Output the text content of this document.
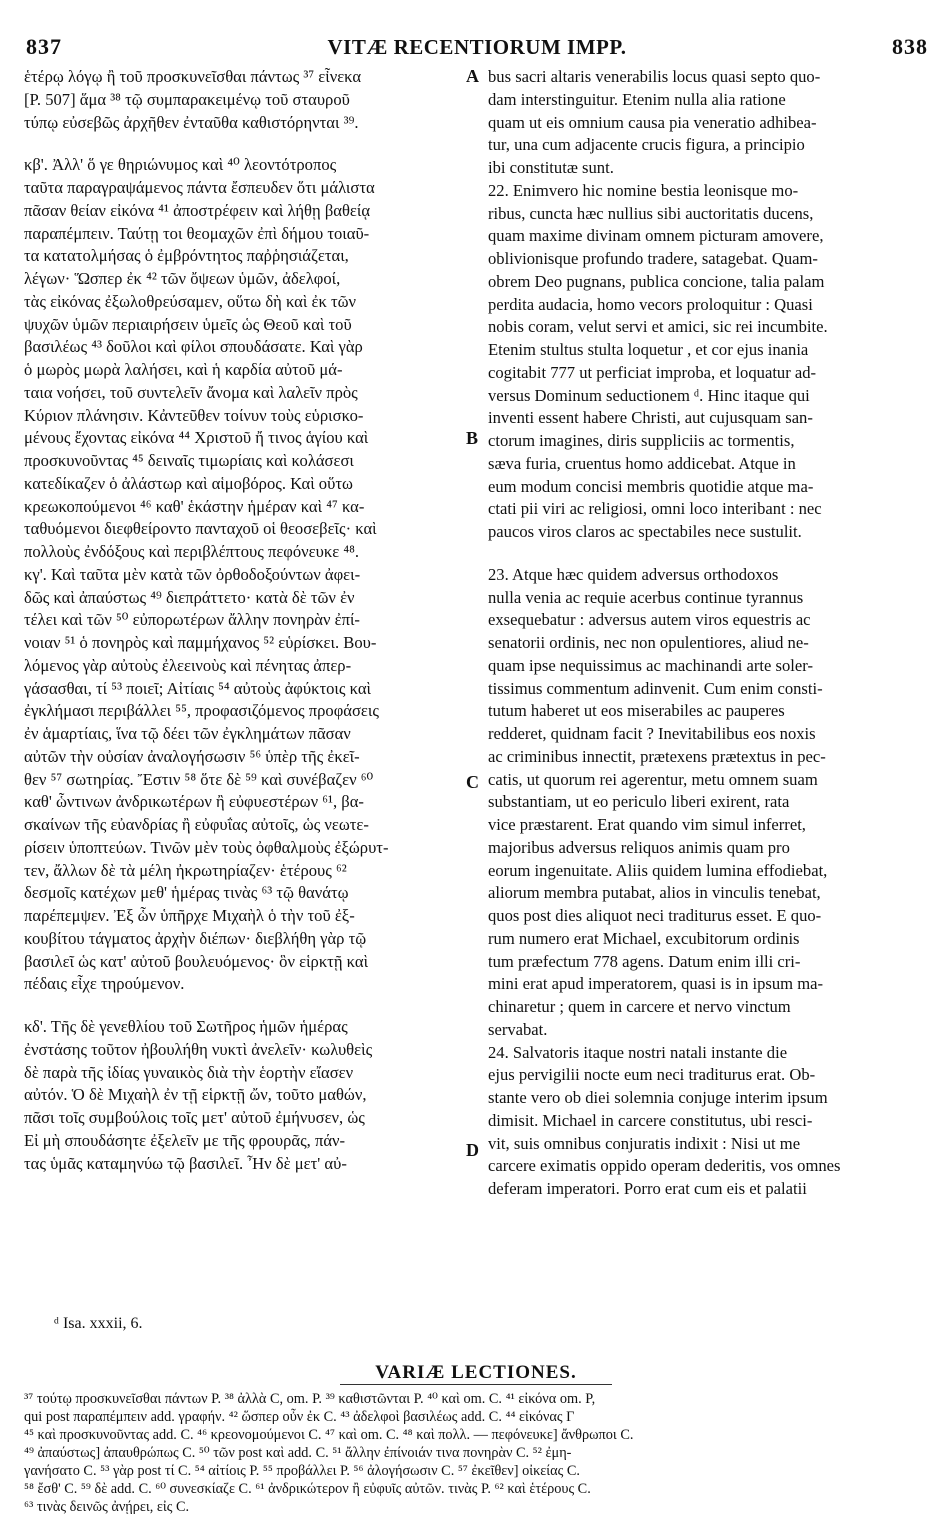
837	VITÆ RECENTIORUM IMPP.	838

ἑτέρῳ λόγῳ ἢ τοῦ προσκυνεῖσθαι πάντως ³⁷ εἶνεκα

[P. 507] ἅμα ³⁸ τῷ συμπαρακειμένῳ τοῦ σταυροῦ

τύπῳ εὐσεβῶς ἀρχῆθεν ἐνταῦθα καθιστόρηνται ³⁹.

κβ'. Ἀλλ' ὅ γε θηριώνυμος καὶ ⁴⁰ λεοντότροπος

ταῦτα παραγραψάμενος πάντα ἔσπευδεν ὅτι μάλιστα

πᾶσαν θείαν εἰκόνα ⁴¹ ἀποστρέφειν καὶ λήθῃ βαθείᾳ

παραπέμπειν. Ταύτῃ τοι θεομαχῶν ἐπὶ δήμου τοιαῦ-

τα κατατολμήσας ὁ ἐμβρόντητος παῤῥησιάζεται,

λέγων· Ὥσπερ ἐκ ⁴² τῶν ὄψεων ὑμῶν, ἀδελφοί,

τὰς εἰκόνας ἐξωλοθρεύσαμεν, οὕτω δὴ καὶ ἐκ τῶν

ψυχῶν ὑμῶν περιαιρήσειν ὑμεῖς ὡς Θεοῦ καὶ τοῦ

βασιλέως ⁴³ δοῦλοι καὶ φίλοι σπουδάσατε. Καὶ γὰρ

ὁ μωρὸς μωρὰ λαλήσει, καὶ ἡ καρδία αὐτοῦ μά-

ταια νοήσει, τοῦ συντελεῖν ἄνομα καὶ λαλεῖν πρὸς

Κύριον πλάνησιν. Κἀντεῦθεν τοίνυν τοὺς εὑρισκο-

μένους ἔχοντας εἰκόνα ⁴⁴ Χριστοῦ ἤ τινος ἁγίου καὶ

προσκυνοῦντας ⁴⁵ δειναῖς τιμωρίαις καὶ κολάσεσι

κατεδίκαζεν ὁ ἀλάστωρ καὶ αἱμοβόρος. Καὶ οὕτω

κρεωκοπούμενοι ⁴⁶ καθ' ἑκάστην ἡμέραν καὶ ⁴⁷ κα-

ταθυόμενοι διεφθείροντο πανταχοῦ οἱ θεοσεβεῖς· καὶ

πολλοὺς ἐνδόξους καὶ περιβλέπτους πεφόνευκε ⁴⁸.

κγ'. Καὶ ταῦτα μὲν κατὰ τῶν ὀρθοδοξούντων ἀφει-

δῶς καὶ ἀπαύστως ⁴⁹ διεπράττετο· κατὰ δὲ τῶν ἐν

τέλει καὶ τῶν ⁵⁰ εὐπορωτέρων ἄλλην πονηρὰν ἐπί-

νοιαν ⁵¹ ὁ πονηρὸς καὶ παμμήχανος ⁵² εὑρίσκει. Βου-

λόμενος γὰρ αὐτοὺς ἐλεεινοὺς καὶ πένητας ἀπερ-

γάσασθαι, τί ⁵³ ποιεῖ; Αἰτίαις ⁵⁴ αὐτοὺς ἀφύκτοις καὶ

ἐγκλήμασι περιβάλλει ⁵⁵, προφασιζόμενος προφάσεις

ἐν ἁμαρτίαις, ἵνα τῷ δέει τῶν ἐγκλημάτων πᾶσαν

αὐτῶν τὴν οὐσίαν ἀναλογήσωσιν ⁵⁶ ὑπὲρ τῆς ἐκεῖ-

θεν ⁵⁷ σωτηρίας. Ἔστιν ⁵⁸ ὅτε δὲ ⁵⁹ καὶ συνέβαζεν ⁶⁰

καθ' ὧντινων ἀνδρικωτέρων ἢ εὐφυεστέρων ⁶¹, βα-

σκαίνων τῆς εὐανδρίας ἢ εὐφυΐας αὐτοῖς, ὡς νεωτε-

ρίσειν ὑποπτεύων. Τινῶν μὲν τοὺς ὀφθαλμοὺς ἐξώρυτ-

τεν, ἄλλων δὲ τὰ μέλη ἠκρωτηρίαζεν· ἑτέρους ⁶²

δεσμοῖς κατέχων μεθ' ἡμέρας τινὰς ⁶³ τῷ θανάτῳ

παρέπεμψεν. Ἐξ ὧν ὑπῆρχε Μιχαὴλ ὁ τὴν τοῦ ἐξ-

κουβίτου τάγματος ἀρχὴν διέπων· διεβλήθη γὰρ τῷ

βασιλεῖ ὡς κατ' αὐτοῦ βουλευόμενος· ὃν εἱρκτῇ καὶ

πέδαις εἶχε τηρούμενον.

κδ'. Τῆς δὲ γενεθλίου τοῦ Σωτῆρος ἡμῶν ἡμέρας

ἐνστάσης τοῦτον ἠβουλήθη νυκτὶ ἀνελεῖν· κωλυθεὶς

δὲ παρὰ τῆς ἰδίας γυναικὸς διὰ τὴν ἑορτὴν εἴασεν

αὐτόν. Ὁ δὲ Μιχαὴλ ἐν τῇ εἱρκτῇ ὤν, τοῦτο μαθών,

πᾶσι τοῖς συμβούλοις τοῖς μετ' αὐτοῦ ἐμήνυσεν, ὡς

Εἰ μὴ σπουδάσητε ἐξελεῖν με τῆς φρουρᾶς, πάν-

τας ὑμᾶς καταμηνύω τῷ βασιλεῖ. Ἦν δὲ μετ' αὐ-

bus sacri altaris venerabilis locus quasi septo quo-

dam interstinguitur. Etenim nulla alia ratione

quam ut eis omnium causa pia veneratio adhibea-

tur, una cum adjacente crucis figura, a principio

ibi constitutæ sunt.

22. Enimvero hic nomine bestia leonisque mo-

ribus, cuncta hæc nullius sibi auctoritatis ducens,

quam maxime divinam omnem picturam amovere,

oblivionisque profundo tradere, satagebat. Quam-

obrem Deo pugnans, publica concione, talia palam

perdita audacia, homo vecors proloquitur : Quasi

nobis coram, velut servi et amici, sic rei incumbite.

Etenim stultus stulta loquetur , et cor ejus inania

cogitabit 777 ut perficiat improba, et loquatur ad-

versus Dominum seductionem ᵈ. Hinc itaque qui

inventi essent habere Christi, aut cujusquam san-

ctorum imagines, diris suppliciis ac tormentis,

sæva furia, cruentus homo addicebat. Atque in

eum modum concisi membris quotidie atque ma-

ctati pii viri ac religiosi, omni loco interibant : nec

paucos viros claros ac spectabiles nece sustulit.

23. Atque hæc quidem adversus orthodoxos

nulla venia ac requie acerbus continue tyrannus

exsequebatur : adversus autem viros equestris ac

senatorii ordinis, nec non opulentiores, aliud ne-

quam ipse nequissimus ac machinandi arte soler-

tissimus commentum adinvenit. Cum enim consti-

tutum haberet ut eos miserabiles ac pauperes

redderet, quidnam facit ? Inevitabilibus eos noxis

ac criminibus innectit, prætexens prætextus in pec-

catis, ut quorum rei agerentur, metu omnem suam

substantiam, ut eo periculo liberi exirent, rata

vice præstarent. Erat quando vim simul inferret,

majoribus adversus reliquos animis quam pro

eorum ingenuitate. Aliis quidem lumina effodiebat,

aliorum membra putabat, alios in vinculis tenebat,

quos post dies aliquot neci traditurus esset. E quo-

rum numero erat Michael, excubitorum ordinis

tum præfectum 778 agens. Datum enim illi cri-

mini erat apud imperatorem, quasi is in ipsum ma-

chinaretur ; quem in carcere et nervo vinctum

servabat.

24. Salvatoris itaque nostri natali instante die

ejus pervigilii nocte eum neci traditurus erat. Ob-

stante vero ob diei solemnia conjuge interim ipsum

dimisit. Michael in carcere constitutus, ubi resci-

vit, suis omnibus conjuratis indixit : Nisi ut me

carcere eximatis oppido operam dederitis, vos omnes

deferam imperatori. Porro erat cum eis et palatii

A
B
C
D
ᵈ Isa. xxxii, 6.
VARIÆ LECTIONES.

³⁷ τούτῳ προσκυνεῖσθαι πάντων P. ³⁸ ἀλλὰ C, om. P. ³⁹ καθιστῶνται P. ⁴⁰ καὶ om. C. ⁴¹ εἰκόνα om. P,

qui post παραπέμπειν add. γραφήν. ⁴² ὥσπερ οὖν ἐκ C. ⁴³ ἀδελφοὶ βασιλέως add. C. ⁴⁴ εἰκόνας Γ

⁴⁵ καὶ προσκυνοῦντας add. C. ⁴⁶ κρεονομούμενοι C. ⁴⁷ καὶ om. C. ⁴⁸ καὶ πολλ. — πεφόνευκε] ἄνθρωποι C.

⁴⁹ ἀπαύστως] ἀπαυθρώπως C. ⁵⁰ τῶν post καὶ add. C. ⁵¹ ἄλλην ἐπίνοιάν τινα πονηρὰν C. ⁵² ἐμη-

γανήσατο C. ⁵³ γὰρ post τί C. ⁵⁴ αἰτίοις P. ⁵⁵ προβάλλει P. ⁵⁶ ἀλογήσωσιν C. ⁵⁷ ἐκεῖθεν] οἰκείας C.

⁵⁸ ἔσθ' C. ⁵⁹ δὲ add. C. ⁶⁰ συνεσκίαζε C. ⁶¹ ἀνδρικώτερον ἢ εὐφυῖς αὐτῶν. τινὰς P. ⁶² καὶ ἑτέρους C.

⁶³ τινὰς δεινῶς ἀνῄρει, εἰς C.
